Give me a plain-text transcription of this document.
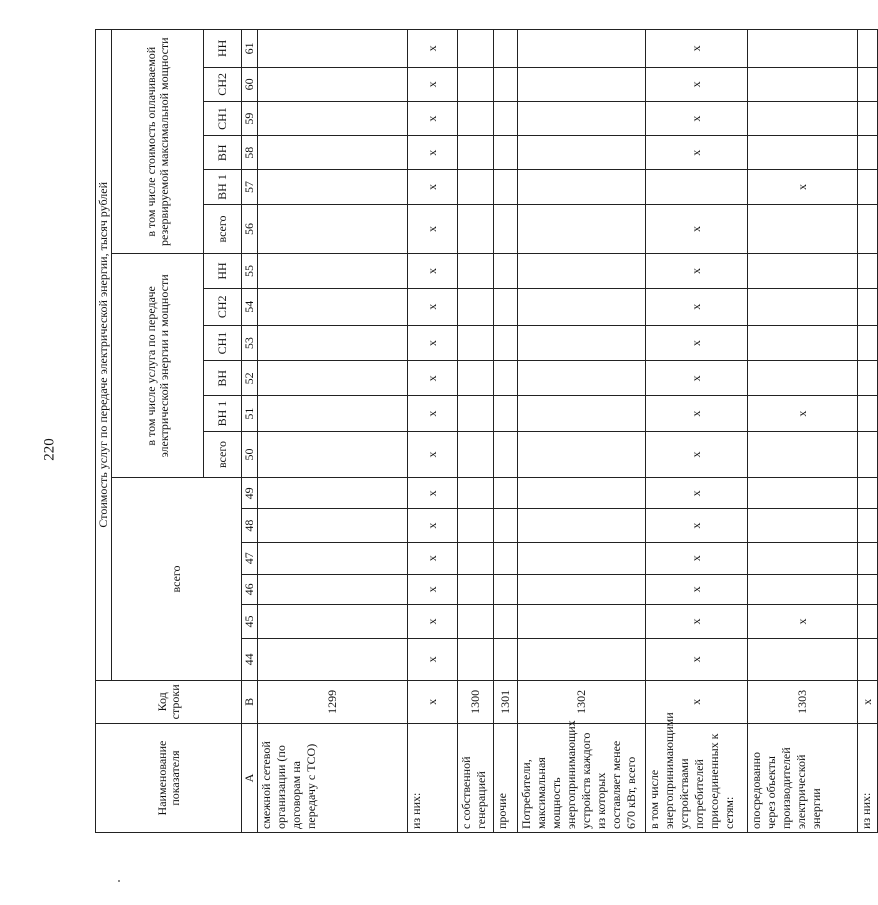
220
Наименование показателя	Код строки	Стоимость услуг по передаче электрической энергии, тысяч рублей																	
		всего						в том числе услуга по передаче электрической энергии и мощности						в том числе стоимость оплачиваемой резервируемой максимальной мощности					
								всего	ВН 1	ВН	СН1	СН2	НН	всего	ВН 1	ВН	СН1	СН2	НН
А	В	44	45	46	47	48	49	50	51	52	53	54	55	56	57	58	59	60	61
смежной сетевой организации (по договорам на передачу с ТСО)	1299																		
из них:	x	x	x	x	x	x	x	x	x	x	x	x	x	x	x	x	x	x	x
с собственной генерацией	1300																		
прочие	1301																		
Потребители, максимальная мощность энергопринимающих устройств каждого из которых составляет менее 670 кВт, всего	1302																		
в том числе энергопринимающими устройствами потребителей присоединенных к сетям:	x	x	x	x	x	x	x	x	x	x	x	x	x	x		x	x	x	x
опосредованно через объекты производителей электрической энергии	1303		x						x						x				
из них:	x																		
